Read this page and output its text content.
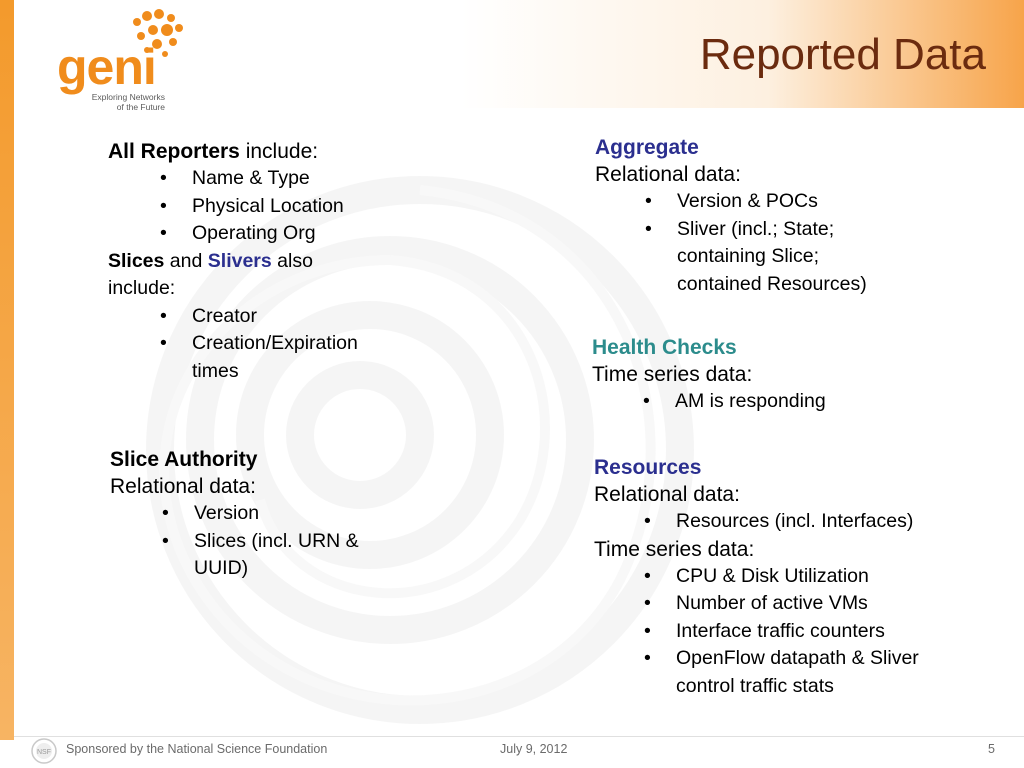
geni
Exploring Networks
of the Future
Reported Data
All Reporters include:
• Name & Type
• Physical Location
• Operating Org
Slices and Slivers also
include:
• Creator
• Creation/Expiration
times
Slice Authority
Relational data:
• Version
• Slices (incl. URN &
UUID)
Aggregate
Relational data:
• Version & POCs
• Sliver (incl.; State;
containing Slice;
contained Resources)
Health Checks
Time series data:
• AM is responding
Resources
Relational data:
• Resources (incl. Interfaces)
Time series data:
• CPU & Disk Utilization
• Number of active VMs
• Interface traffic counters
• OpenFlow datapath & Sliver
control traffic stats
NSF Sponsored by the National Science Foundation	July 9, 2012	5
